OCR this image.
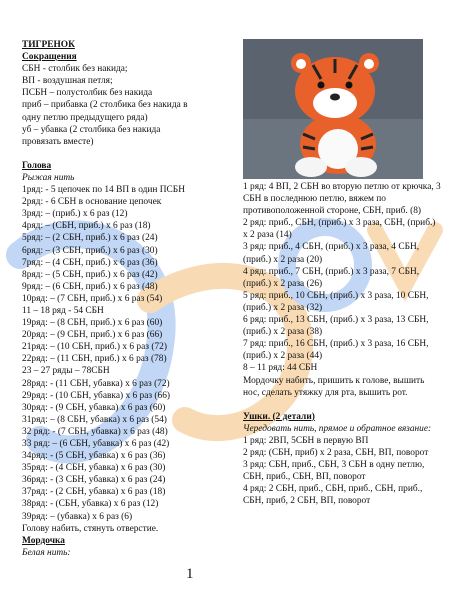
ТИГРЕНОК
Сокращения
СБН - столбик без накида;
ВП - воздушная петля;
ПСБН – полустолбик без накида
приб – прибавка (2 столбика без накида в
одну петлю предыдущего ряда)
уб – убавка (2 столбика без накида
провязать вместе)
Голова
Рыжая нить
1ряд: - 5 цепочек по 14 ВП в один ПСБН
2ряд: - 6 СБН в основание цепочек
3ряд: – (приб.) х 6 раз (12)
4ряд: – (СБН, приб.) х 6 раз (18)
5ряд: – (2 СБН, приб.) х 6 раз (24)
6ряд: – (3 СБН, приб.) х 6 раз (30)
7ряд: – (4 СБН, приб.) х 6 раз (36)
8ряд: – (5 СБН, приб.) х 6 раз (42)
9ряд: – (6 СБН, приб.) х 6 раз (48)
10ряд: – (7 СБН, приб.) х 6 раз (54)
11 – 18 ряд - 54 СБН
19ряд: – (8 СБН, приб.) х 6 раз (60)
20ряд: – (9 СБН, приб.) х 6 раз (66)
21ряд: – (10 СБН, приб.) х 6 раз (72)
22ряд: – (11 СБН, приб.) х 6 раз (78)
23 – 27 ряды – 78СБН
28ряд: - (11 СБН, убавка) х 6 раз (72)
29ряд: - (10 СБН, убавка) х 6 раз (66)
30ряд: - (9 СБН, убавка) х 6 раз (60)
31ряд: – (8 СБН, убавка) х 6 раз (54)
32 ряд: - (7 СБН, убавка) х 6 раз (48)
33 ряд: – (6 СБН, убавка) х 6 раз (42)
34ряд: - (5 СБН, убавка) х 6 раз (36)
35ряд: - (4 СБН, убавка) х 6 раз (30)
36ряд: - (3 СБН, убавка) х 6 раз (24)
37ряд: - (2 СБН, убавка) х 6 раз (18)
38ряд: - (СБН, убавка) х 6 раз (12)
39ряд: – (убавка) х 6 раз (6)
Голову набить, стянуть отверстие.
Мордочка
Белая нить:
1 ряд: 4 ВП, 2 СБН во вторую петлю от крючка, 3 СБН в последнюю петлю, вяжем по противоположенной стороне, СБН, приб. (8)
2 ряд: приб., СБН, (приб.) х 3 раза, СБН, (приб.) х 2 раза (14)
3 ряд: приб., 4 СБН, (приб.) х 3 раза, 4 СБН, (приб.) х 2 раза (20)
4 ряд: приб., 7 СБН, (приб.) х 3 раза, 7 СБН, (приб.) х 2 раза (26)
5 ряд: приб., 10 СБН, (приб.) х 3 раза, 10 СБН, (приб.) х 2 раза (32)
6 ряд: приб., 13 СБН, (приб.) х 3 раза, 13 СБН, (приб.) х 2 раза (38)
7 ряд: приб., 16 СБН, (приб.) х 3 раза, 16 СБН, (приб.) х 2 раза (44)
8 – 11 ряд: 44 СБН
Мордочку набить, пришить к голове, вышить нос, сделать утяжку для рта, вышить рот.
Ушки. (2 детали)
Чередовать нить, прямое и обратное вязание:
1 ряд: 2ВП, 5СБН в первую ВП
2 ряд: (СБН, приб) х 2 раза, СБН, ВП, поворот
3 ряд: СБН, приб., СБН, 3 СБН в одну петлю, СБН, приб., СБН, ВП, поворот
4 ряд: 2 СБН, приб., СБН, приб., СБН, приб., СБН, приб, 2 СБН, ВП, поворот
1
